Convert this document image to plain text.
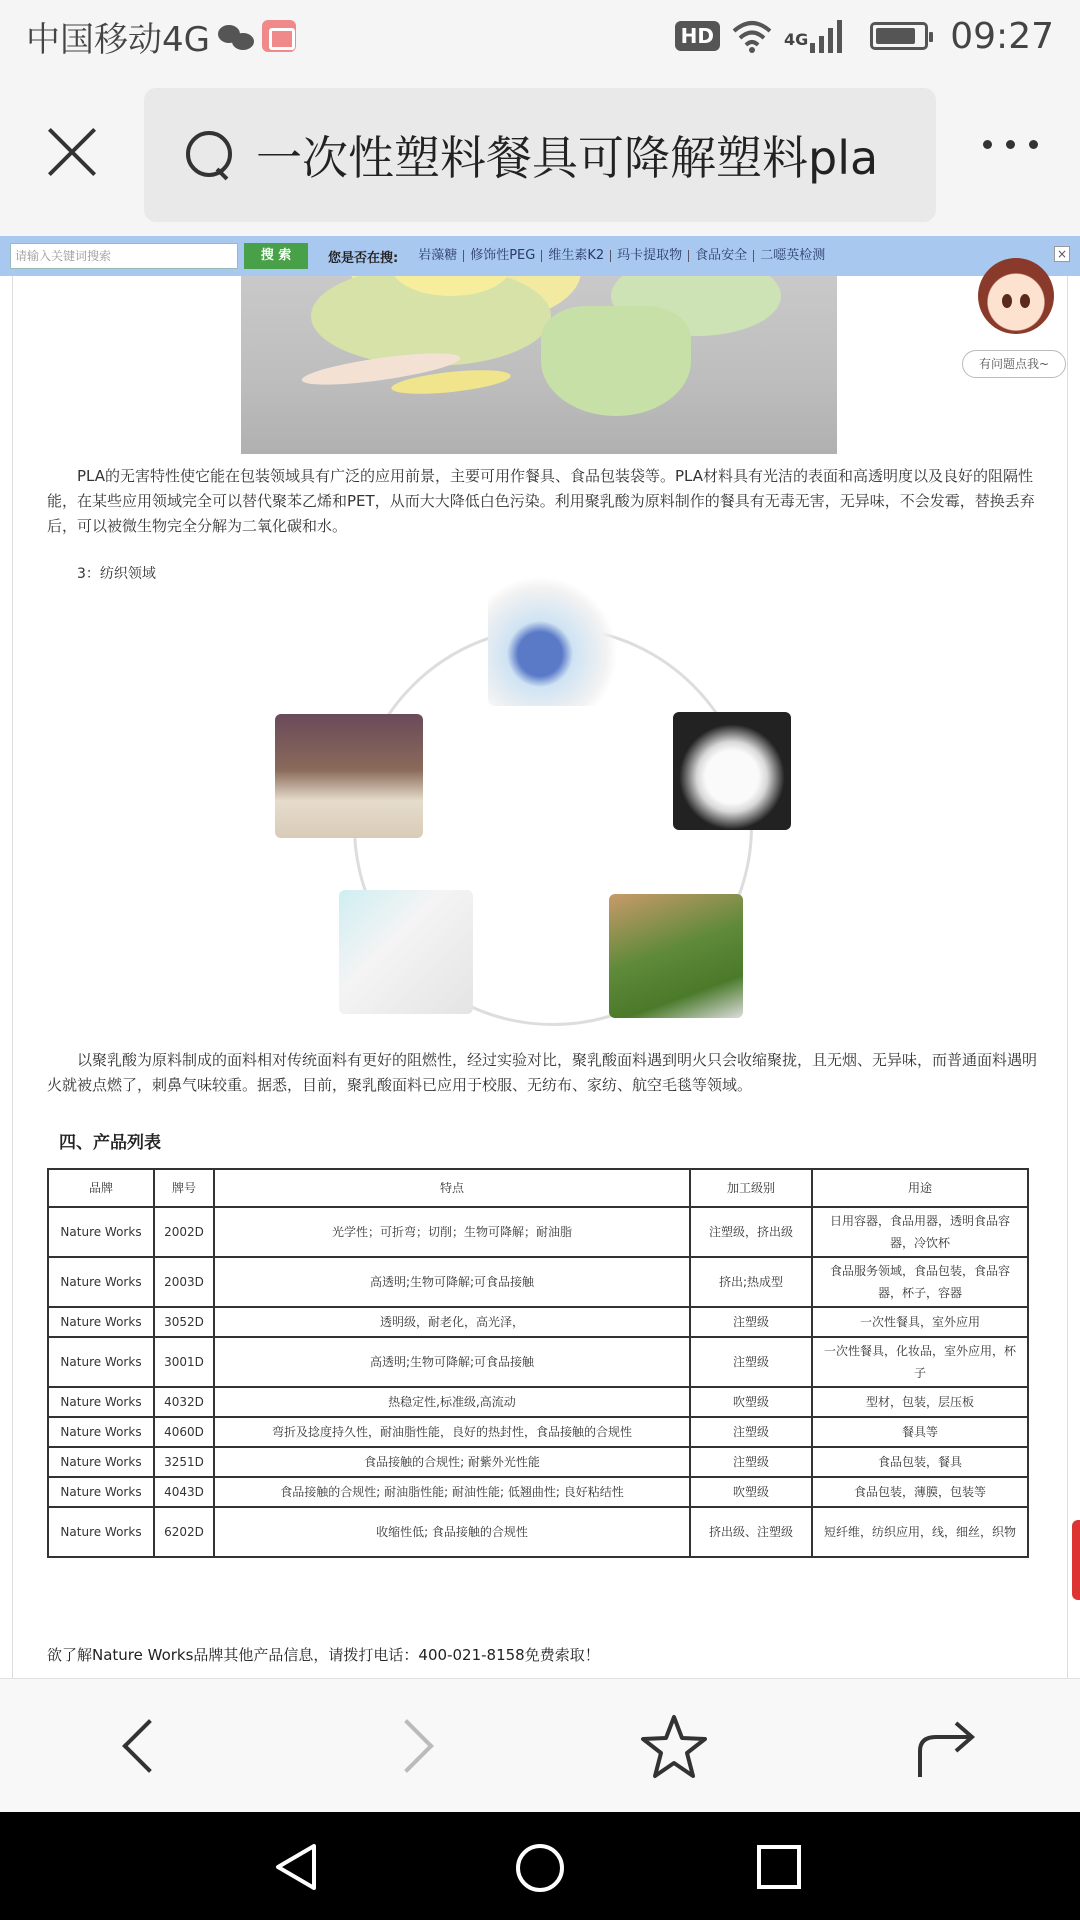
中国移动4G	HD	4G	09:27
一次性塑料餐具可降解塑料pla
请输入关键词搜索	搜 索	您是否在搜:	岩藻糖	修饰性PEG	维生素K2	玛卡提取物	食品安全	二噁英检测	×

PLA的无害特性使它能在包装领域具有广泛的应用前景，主要可用作餐具、食品包装袋等。PLA材料具有光洁的表面和高透明度以及良好的阻隔性能，在某些应用领域完全可以替代聚苯乙烯和PET，从而大大降低白色污染。利用聚乳酸为原料制作的餐具有无毒无害，无异味，不会发霉，替换丢弃后，可以被微生物完全分解为二氧化碳和水。

3：纺织领域

以聚乳酸为原料制成的面料相对传统面料有更好的阻燃性，经过实验对比，聚乳酸面料遇到明火只会收缩聚拢，且无烟、无异味，而普通面料遇明火就被点燃了，刺鼻气味较重。据悉，目前，聚乳酸面料已应用于校服、无纺布、家纺、航空毛毯等领域。

四、产品列表
品牌	牌号	特点	加工级别	用途
Nature Works	2002D	光学性；可折弯；切削；生物可降解；耐油脂	注塑级，挤出级	日用容器，食品用器，透明食品容器，冷饮杯
Nature Works	2003D	高透明;生物可降解;可食品接触	挤出;热成型	食品服务领域，食品包装，食品容器，杯子，容器
Nature Works	3052D	透明级，耐老化，高光泽，	注塑级	一次性餐具，室外应用
Nature Works	3001D	高透明;生物可降解;可食品接触	注塑级	一次性餐具，化妆品，室外应用，杯子
Nature Works	4032D	热稳定性,标准级,高流动	吹塑级	型材，包装，层压板
Nature Works	4060D	弯折及捻度持久性，耐油脂性能，良好的热封性，食品接触的合规性	注塑级	餐具等
Nature Works	3251D	食品接触的合规性; 耐紫外光性能	注塑级	食品包装，餐具
Nature Works	4043D	食品接触的合规性; 耐油脂性能; 耐油性能; 低翘曲性; 良好粘结性	吹塑级	食品包装，薄膜，包装等
Nature Works	6202D	收缩性低; 食品接触的合规性	挤出级、注塑级	短纤维，纺织应用，线，细丝，织物
欲了解Nature Works品牌其他产品信息，请拨打电话：400-021-8158免费索取！
有问题点我~
